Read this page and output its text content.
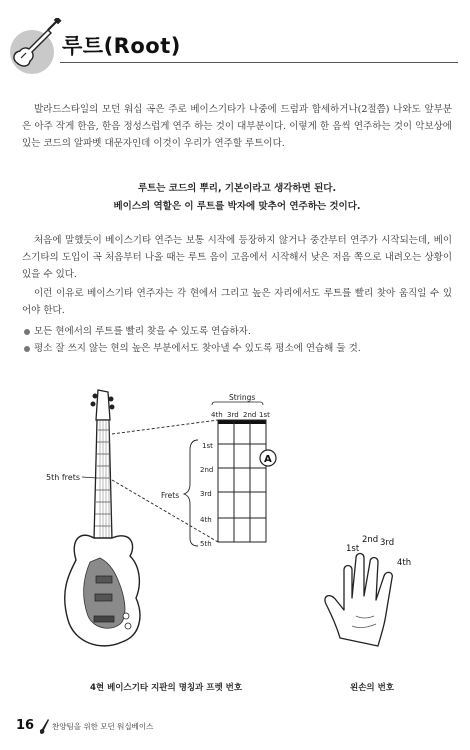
루트(Root)
발라드스타일의 모던 워십 곡은 주로 베이스기타가 나중에 드럼과 합세하거나(2절쯤) 나와도 앞부분은 아주 작게 한음, 한음 정성스럽게 연주 하는 것이 대부분이다. 이렇게 한 음씩 연주하는 것이 악보상에 있는 코드의 알파벳 대문자인데 이것이 우리가 연주할 루트이다.
루트는 코드의 뿌리, 기본이라고 생각하면 된다.
베이스의 역할은 이 루트를 박자에 맞추어 연주하는 것이다.
처음에 말했듯이 베이스기타 연주는 보통 시작에 등장하지 않거나 중간부터 연주가 시작되는데, 베이스기타의 도입이 곡 처음부터 나올 때는 루트 음이 고음에서 시작해서 낮은 저음 쪽으로 내려오는 상황이 있을 수 있다.
이런 이유로 베이스기타 연주자는 각 현에서 그리고 높은 자리에서도 루트를 빨리 찾아 움직일 수 있어야 한다.
모든 현에서의 루트를 빨리 찾을 수 있도록 연습하자.
평소 잘 쓰지 않는 현의 높은 부분에서도 찾아낼 수 있도록 평소에 연습해 둘 것.
5th frets
Strings
4th 3rd 2nd 1st
A
1st
2nd
3rd
4th
5th
Frets
1st
2nd 3rd
4th
4현 베이스기타 지판의 명칭과 프렛 번호	왼손의 번호
16 찬양팀을 위한 모던 워십베이스
